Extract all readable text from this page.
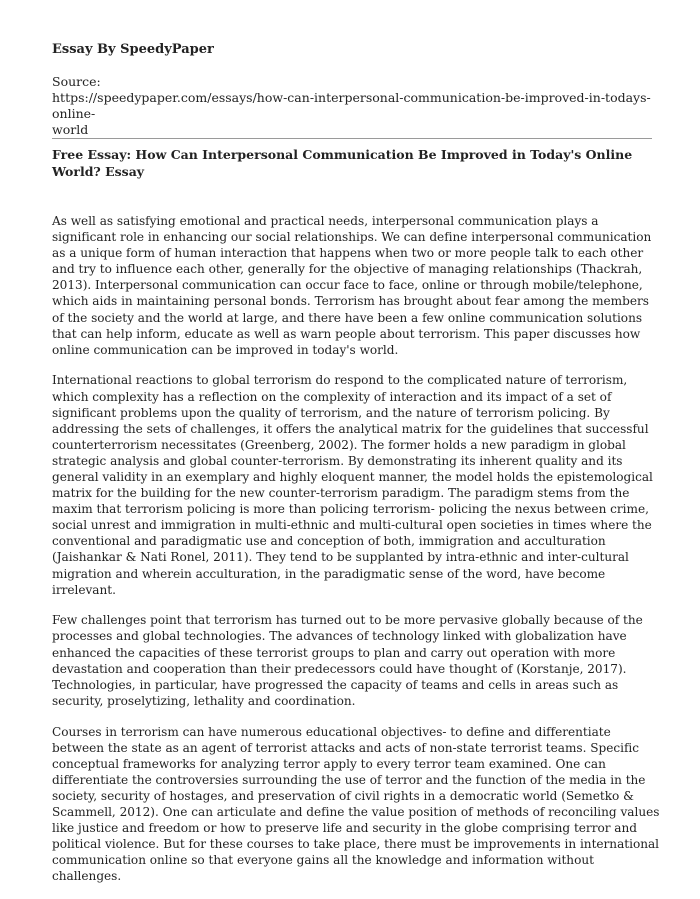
Essay By SpeedyPaper
Source:
https://speedypaper.com/essays/how-can-interpersonal-communication-be-improved-in-todays-online-
world
Free Essay: How Can Interpersonal Communication Be Improved in Today's Online World? Essay

As well as satisfying emotional and practical needs, interpersonal communication plays a significant role in enhancing our social relationships. We can define interpersonal communication as a unique form of human interaction that happens when two or more people talk to each other and try to influence each other, generally for the objective of managing relationships (Thackrah, 2013). Interpersonal communication can occur face to face, online or through mobile/telephone, which aids in maintaining personal bonds. Terrorism has brought about fear among the members of the society and the world at large, and there have been a few online communication solutions that can help inform, educate as well as warn people about terrorism. This paper discusses how online communication can be improved in today's world.

International reactions to global terrorism do respond to the complicated nature of terrorism, which complexity has a reflection on the complexity of interaction and its impact of a set of significant problems upon the quality of terrorism, and the nature of terrorism policing. By addressing the sets of challenges, it offers the analytical matrix for the guidelines that successful counterterrorism necessitates (Greenberg, 2002). The former holds a new paradigm in global strategic analysis and global counter-terrorism. By demonstrating its inherent quality and its general validity in an exemplary and highly eloquent manner, the model holds the epistemological matrix for the building for the new counter-terrorism paradigm. The paradigm stems from the maxim that terrorism policing is more than policing terrorism- policing the nexus between crime, social unrest and immigration in multi-ethnic and multi-cultural open societies in times where the conventional and paradigmatic use and conception of both, immigration and acculturation (Jaishankar & Nati Ronel, 2011). They tend to be supplanted by intra-ethnic and inter-cultural migration and wherein acculturation, in the paradigmatic sense of the word, have become irrelevant.

Few challenges point that terrorism has turned out to be more pervasive globally because of the processes and global technologies. The advances of technology linked with globalization have enhanced the capacities of these terrorist groups to plan and carry out operation with more devastation and cooperation than their predecessors could have thought of (Korstanje, 2017). Technologies, in particular, have progressed the capacity of teams and cells in areas such as security, proselytizing, lethality and coordination.

Courses in terrorism can have numerous educational objectives- to define and differentiate between the state as an agent of terrorist attacks and acts of non-state terrorist teams. Specific conceptual frameworks for analyzing terror apply to every terror team examined. One can differentiate the controversies surrounding the use of terror and the function of the media in the society, security of hostages, and preservation of civil rights in a democratic world (Semetko & Scammell, 2012). One can articulate and define the value position of methods of reconciling values like justice and freedom or how to preserve life and security in the globe comprising terror and political violence. But for these courses to take place, there must be improvements in international communication online so that everyone gains all the knowledge and information without challenges.
